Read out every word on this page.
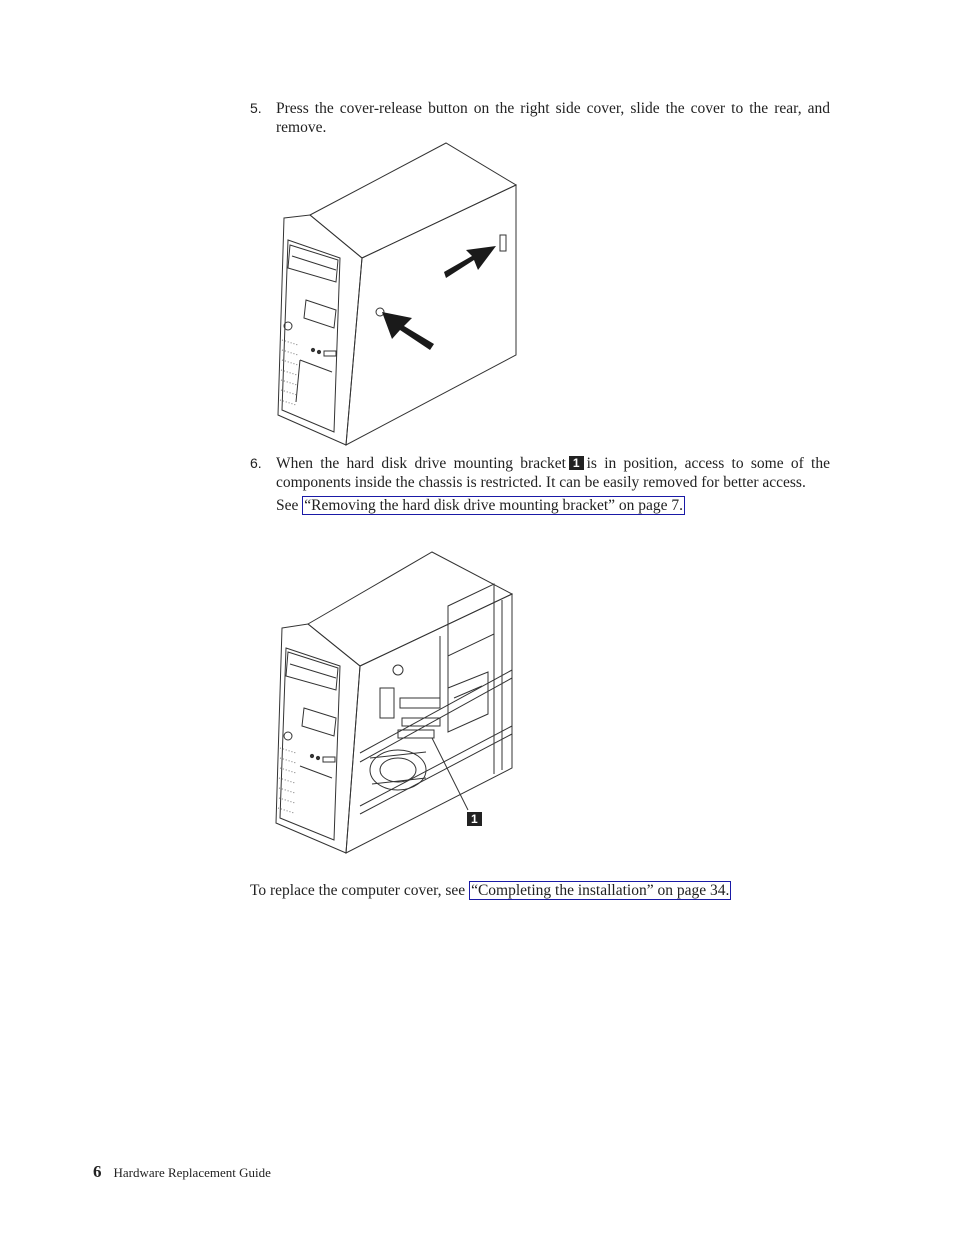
5. Press the cover-release button on the right side cover, slide the cover to the rear, and remove.
6. When the hard disk drive mounting bracket 1 is in position, access to some of the components inside the chassis is restricted. It can be easily removed for better access.
See “Removing the hard disk drive mounting bracket” on page 7.
1
To replace the computer cover, see “Completing the installation” on page 34.
6 Hardware Replacement Guide
